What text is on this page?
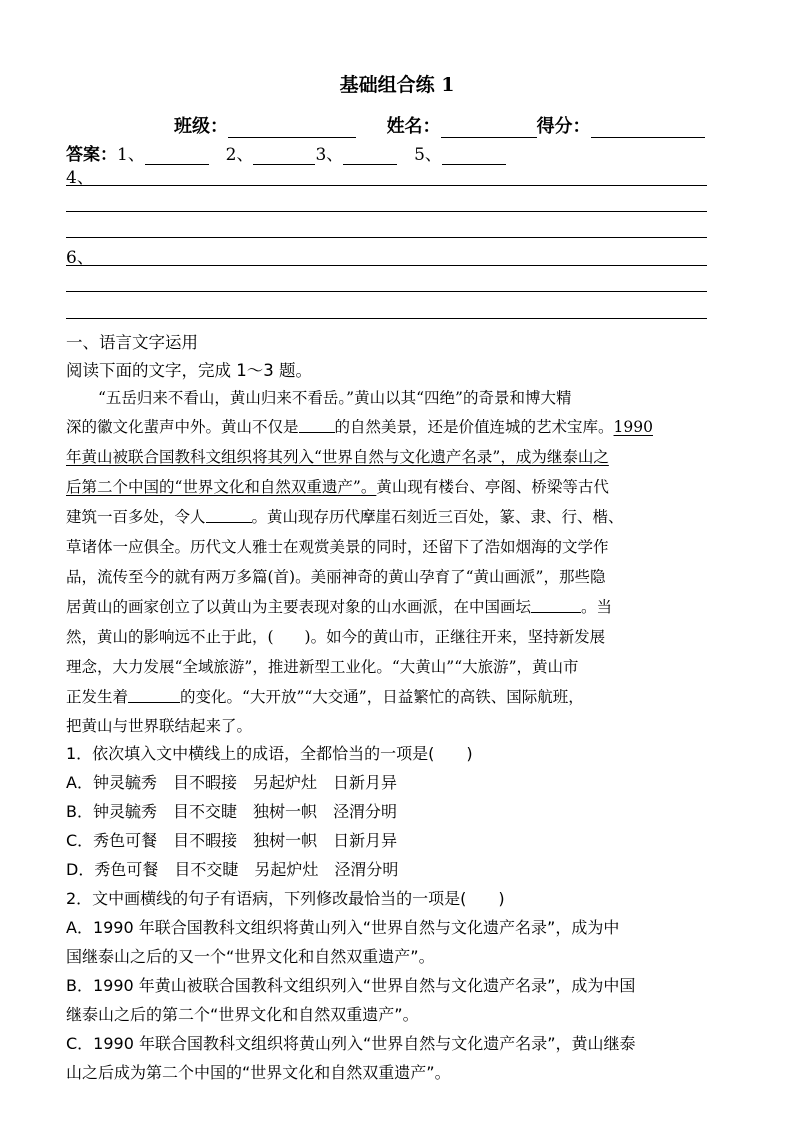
基础组合练 1
班级：	姓名：	得分：
答案：1、	2、	3、	5、
4、
6、
一、语言文字运用
阅读下面的文字，完成 1～3 题。
“五岳归来不看山，黄山归来不看岳。”黄山以其“四绝”的奇景和博大精
深的徽文化蜚声中外。黄山不仅是 的自然美景，还是价值连城的艺术宝库。1990
年黄山被联合国教科文组织将其列入“世界自然与文化遗产名录”，成为继泰山之
后第二个中国的“世界文化和自然双重遗产”。黄山现有楼台、亭阁、桥梁等古代
建筑一百多处，令人	。黄山现存历代摩崖石刻近三百处，篆、隶、行、楷、
草诸体一应俱全。历代文人雅士在观赏美景的同时，还留下了浩如烟海的文学作
品，流传至今的就有两万多篇(首)。美丽神奇的黄山孕育了“黄山画派”，那些隐
居黄山的画家创立了以黄山为主要表现对象的山水画派，在中国画坛	。当
然，黄山的影响远不止于此，(　　)。如今的黄山市，正继往开来，坚持新发展
理念，大力发展“全域旅游”，推进新型工业化。“大黄山”“大旅游”，黄山市
正发生着	的变化。“大开放”“大交通”，日益繁忙的高铁、国际航班，
把黄山与世界联结起来了。
1．依次填入文中横线上的成语，全都恰当的一项是(　　)
A．钟灵毓秀　目不暇接　另起炉灶　日新月异
B．钟灵毓秀　目不交睫　独树一帜　泾渭分明
C．秀色可餐　目不暇接　独树一帜　日新月异
D．秀色可餐　目不交睫　另起炉灶　泾渭分明
2．文中画横线的句子有语病，下列修改最恰当的一项是(　　)
A．1990 年联合国教科文组织将黄山列入“世界自然与文化遗产名录”，成为中
国继泰山之后的又一个“世界文化和自然双重遗产”。
B．1990 年黄山被联合国教科文组织列入“世界自然与文化遗产名录”，成为中国
继泰山之后的第二个“世界文化和自然双重遗产”。
C．1990 年联合国教科文组织将黄山列入“世界自然与文化遗产名录”，黄山继泰
山之后成为第二个中国的“世界文化和自然双重遗产”。
